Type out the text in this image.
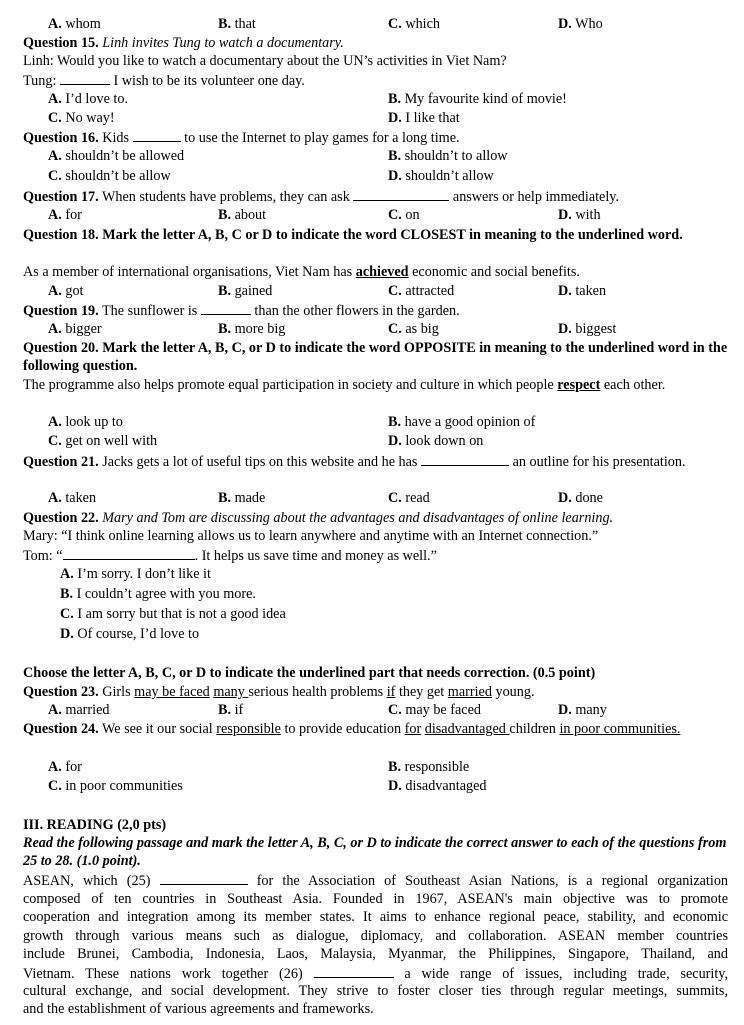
A. whom	B. that	C. which	D. Who
Question 15. Linh invites Tung to watch a documentary.
Linh: Would you like to watch a documentary about the UN’s activities in Viet Nam?
Tung:	I wish to be its volunteer one day.
A. I’d love to.	B. My favourite kind of movie!
C. No way!	D. I like that
Question 16. Kids	to use the Internet to play games for a long time.
A. shouldn’t be allowed	B. shouldn’t to allow
C. shouldn’t be allow	D. shouldn’t allow
Question 17. When students have problems, they can ask	answers or help immediately.
A. for	B. about	C. on	D. with
Question 18. Mark the letter A, B, C or D to indicate the word CLOSEST in meaning to the underlined word.
As a member of international organisations, Viet Nam has achieved economic and social benefits.
A. got	B. gained	C. attracted	D. taken
Question 19. The sunflower is	than the other flowers in the garden.
A. bigger	B. more big	C. as big	D. biggest
Question 20. Mark the letter A, B, C, or D to indicate the word OPPOSITE in meaning to the underlined word in the following question.
The programme also helps promote equal participation in society and culture in which people respect each other.
A. look up to	B. have a good opinion of
C. get on well with	D. look down on
Question 21. Jacks gets a lot of useful tips on this website and he has	an outline for his presentation.
A. taken	B. made	C. read	D. done
Question 22. Mary and Tom are discussing about the advantages and disadvantages of online learning.
Mary: “I think online learning allows us to learn anywhere and anytime with an Internet connection.”
Tom: “	. It helps us save time and money as well.”
A. I’m sorry. I don’t like it
B. I couldn’t agree with you more.
C. I am sorry but that is not a good idea
D. Of course, I’d love to
Choose the letter A, B, C, or D to indicate the underlined part that needs correction. (0.5 point)
Question 23. Girls may be faced many serious health problems if they get married young.
A. married	B. if	C. may be faced	D. many
Question 24. We see it our social responsible to provide education for disadvantaged children in poor communities.
A. for	B. responsible
C. in poor communities	D. disadvantaged
III. READING (2,0 pts)
Read the following passage and mark the letter A, B, C, or D to indicate the correct answer to each of the questions from 25 to 28. (1.0 point).
ASEAN, which (25)	for the Association of Southeast Asian Nations, is a regional organization
composed of ten countries in Southeast Asia. Founded in 1967, ASEAN's main objective was to promote
cooperation and integration among its member states. It aims to enhance regional peace, stability, and economic
growth through various means such as dialogue, diplomacy, and collaboration. ASEAN member countries
include Brunei, Cambodia, Indonesia, Laos, Malaysia, Myanmar, the Philippines, Singapore, Thailand, and
Vietnam. These nations work together (26)	a wide range of issues, including trade, security,
cultural exchange, and social development. They strive to foster closer ties through regular meetings, summits,
and the establishment of various agreements and frameworks.
